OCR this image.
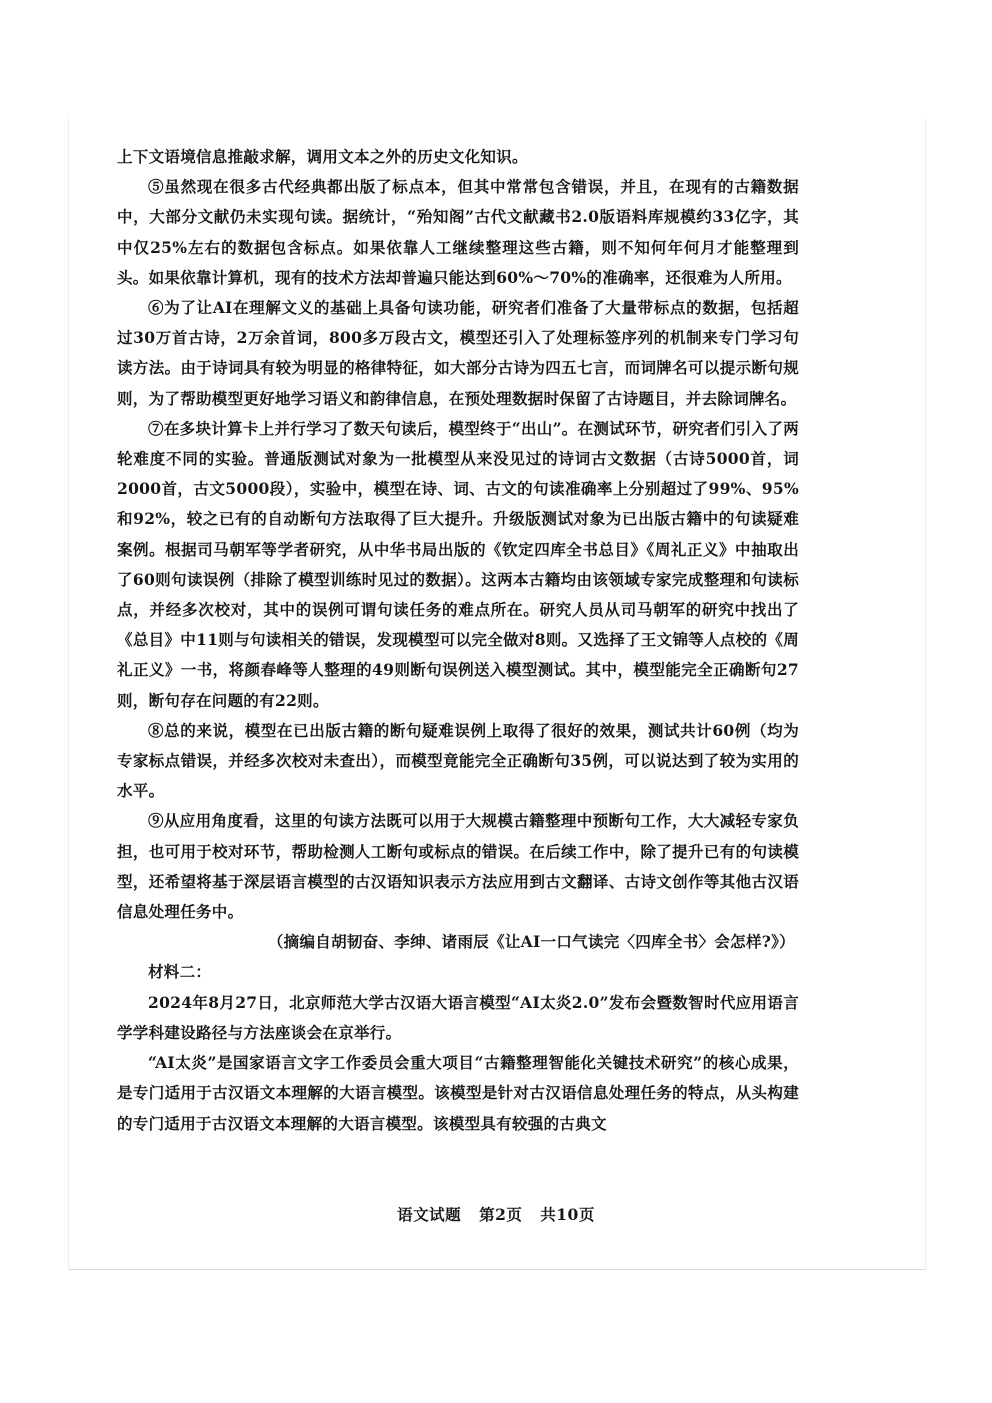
上下文语境信息推敲求解，调用文本之外的历史文化知识。

⑤虽然现在很多古代经典都出版了标点本，但其中常常包含错误，并且，在现有的古籍数据中，大部分文献仍未实现句读。据统计，“殆知阁”古代文献藏书2.0版语料库规模约33亿字，其中仅25%左右的数据包含标点。如果依靠人工继续整理这些古籍，则不知何年何月才能整理到头。如果依靠计算机，现有的技术方法却普遍只能达到60%～70%的准确率，还很难为人所用。

⑥为了让AI在理解文义的基础上具备句读功能，研究者们准备了大量带标点的数据，包括超过30万首古诗，2万余首词，800多万段古文，模型还引入了处理标签序列的机制来专门学习句读方法。由于诗词具有较为明显的格律特征，如大部分古诗为四五七言，而词牌名可以提示断句规则，为了帮助模型更好地学习语义和韵律信息，在预处理数据时保留了古诗题目，并去除词牌名。

⑦在多块计算卡上并行学习了数天句读后，模型终于“出山”。在测试环节，研究者们引入了两轮难度不同的实验。普通版测试对象为一批模型从来没见过的诗词古文数据（古诗5000首，词2000首，古文5000段），实验中，模型在诗、词、古文的句读准确率上分别超过了99%、95%和92%，较之已有的自动断句方法取得了巨大提升。升级版测试对象为已出版古籍中的句读疑难案例。根据司马朝军等学者研究，从中华书局出版的《钦定四库全书总目》《周礼正义》中抽取出了60则句读误例（排除了模型训练时见过的数据）。这两本古籍均由该领域专家完成整理和句读标点，并经多次校对，其中的误例可谓句读任务的难点所在。研究人员从司马朝军的研究中找出了《总目》中11则与句读相关的错误，发现模型可以完全做对8则。又选择了王文锦等人点校的《周礼正义》一书，将颜春峰等人整理的49则断句误例送入模型测试。其中，模型能完全正确断句27则，断句存在问题的有22则。

⑧总的来说，模型在已出版古籍的断句疑难误例上取得了很好的效果，测试共计60例（均为专家标点错误，并经多次校对未查出），而模型竟能完全正确断句35例，可以说达到了较为实用的水平。

⑨从应用角度看，这里的句读方法既可以用于大规模古籍整理中预断句工作，大大减轻专家负担，也可用于校对环节，帮助检测人工断句或标点的错误。在后续工作中，除了提升已有的句读模型，还希望将基于深层语言模型的古汉语知识表示方法应用到古文翻译、古诗文创作等其他古汉语信息处理任务中。

（摘编自胡韧奋、李绅、诸雨辰《让AI一口气读完〈四库全书〉会怎样?》）

材料二：

2024年8月27日，北京师范大学古汉语大语言模型“AI太炎2.0”发布会暨数智时代应用语言学学科建设路径与方法座谈会在京举行。

“AI太炎”是国家语言文字工作委员会重大项目“古籍整理智能化关键技术研究”的核心成果，是专门适用于古汉语文本理解的大语言模型。该模型是针对古汉语信息处理任务的特点，从头构建的专门适用于古汉语文本理解的大语言模型。该模型具有较强的古典文

语文试题 第2页 共10页
